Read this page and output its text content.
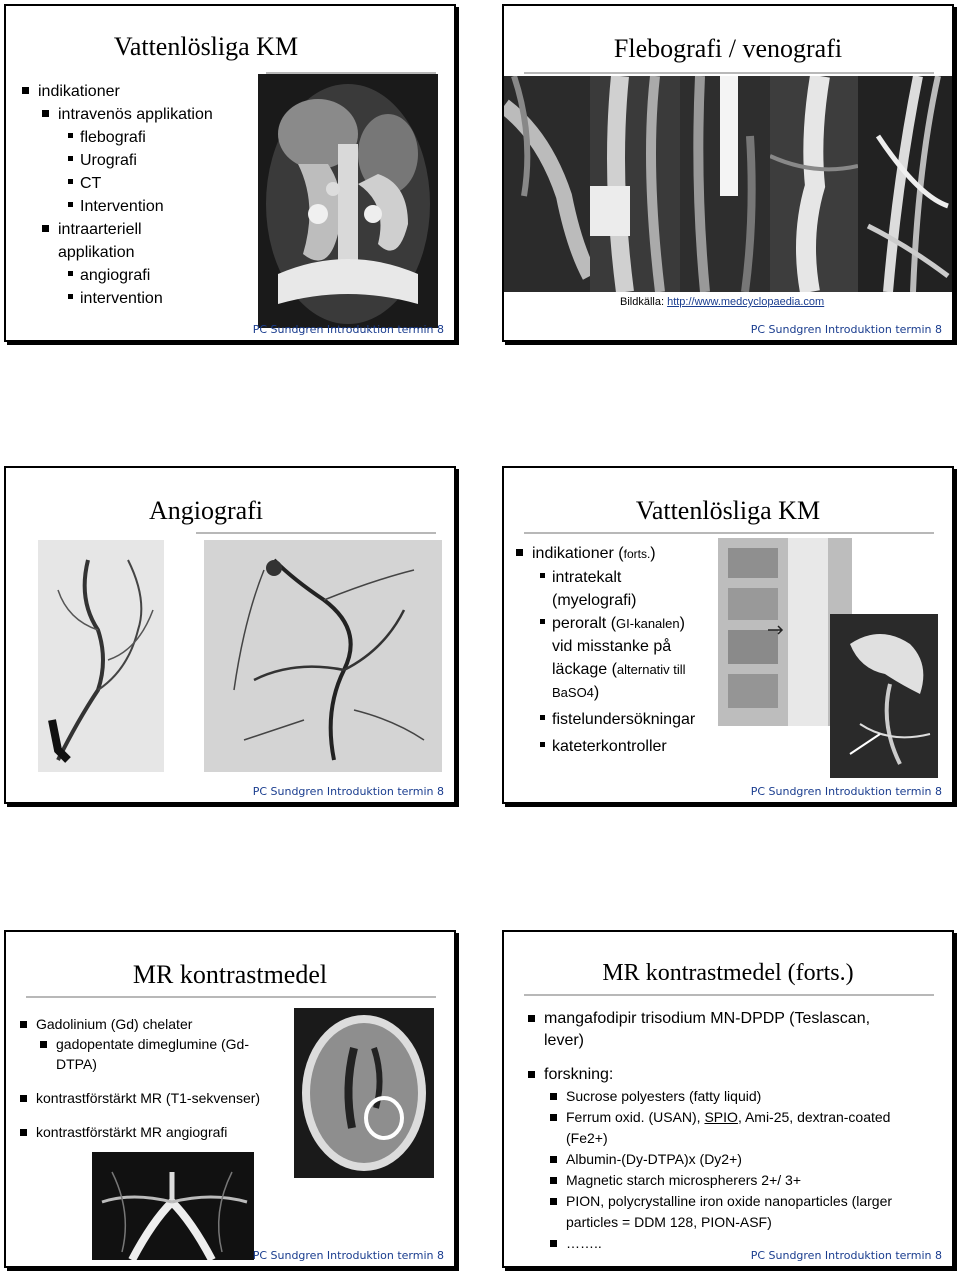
Vattenlösliga KM
indikationer
intravenös applikation
flebografi
Urografi
CT
Intervention
intraarteriell
applikation
angiografi
intervention
PC Sundgren Introduktion termin 8
Flebografi / venografi
Bildkälla: http://www.medcyclopaedia.com
PC Sundgren Introduktion termin 8
Angiografi
PC Sundgren Introduktion termin 8
Vattenlösliga KM
indikationer (forts.)
intratekalt
(myelografi)
peroralt (GI-kanalen)
vid misstanke på
läckage (alternativ till
BaSO4)
fistelundersökningar
kateterkontroller
PC Sundgren Introduktion termin 8
MR kontrastmedel
Gadolinium (Gd) chelater
gadopentate dimeglumine (Gd-
DTPA)
kontrastförstärkt MR (T1-sekvenser)
kontrastförstärkt MR angiografi
PC Sundgren Introduktion termin 8
MR kontrastmedel (forts.)
mangafodipir trisodium MN-DPDP (Teslascan,
lever)
forskning:
Sucrose polyesters (fatty liquid)
Ferrum oxid. (USAN), SPIO, Ami-25, dextran-coated
(Fe2+)
Albumin-(Dy-DTPA)x (Dy2+)
Magnetic starch microspherers 2+/ 3+
PION, polycrystalline iron oxide nanoparticles (larger
particles = DDM 128, PION-ASF)
……..
PC Sundgren Introduktion termin 8
